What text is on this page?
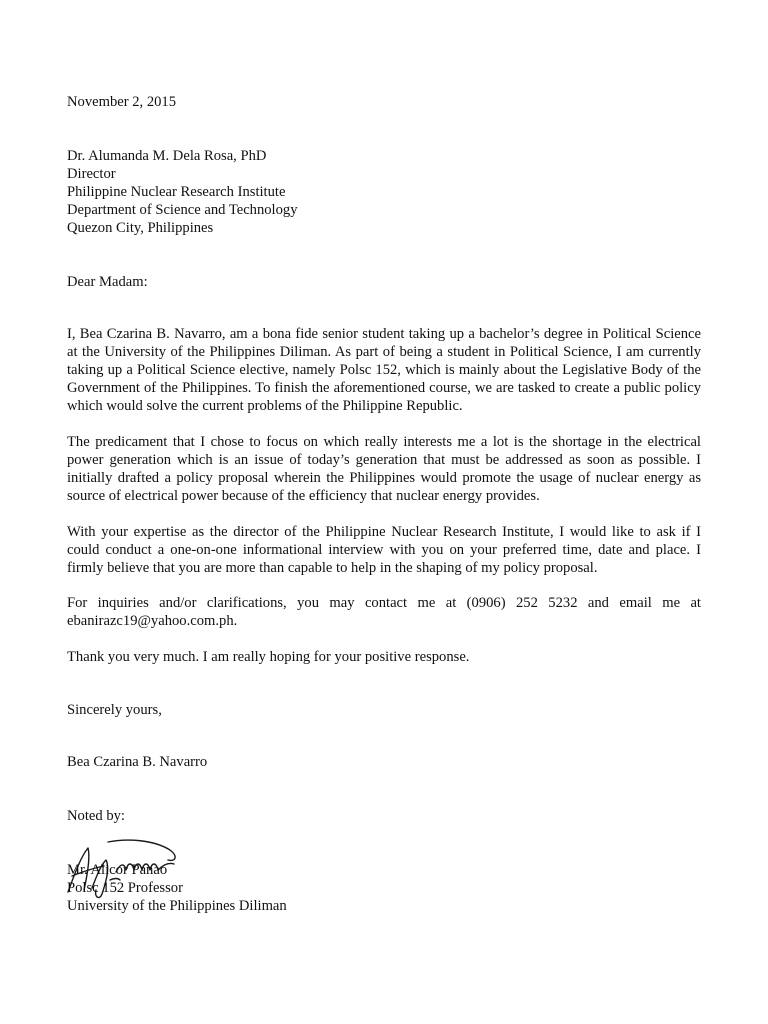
November 2, 2015
Dr. Alumanda M. Dela Rosa, PhD
Director
Philippine Nuclear Research Institute
Department of Science and Technology
Quezon City, Philippines
Dear Madam:

I, Bea Czarina B. Navarro, am a bona fide senior student taking up a bachelor’s degree in Political Science at the University of the Philippines Diliman. As part of being a student in Political Science, I am currently taking up a Political Science elective, namely Polsc 152, which is mainly about the Legislative Body of the Government of the Philippines. To finish the aforementioned course, we are tasked to create a public policy which would solve the current problems of the Philippine Republic.

The predicament that I chose to focus on which really interests me a lot is the shortage in the electrical power generation which is an issue of today’s generation that must be addressed as soon as possible. I initially drafted a policy proposal wherein the Philippines would promote the usage of nuclear energy as source of electrical power because of the efficiency that nuclear energy provides.

With your expertise as the director of the Philippine Nuclear Research Institute, I would like to ask if I could conduct a one-on-one informational interview with you on your preferred time, date and place. I firmly believe that you are more than capable to help in the shaping of my policy proposal.

For inquiries and/or clarifications, you may contact me at (0906) 252 5232 and email me at ebanirazc19@yahoo.com.ph.

Thank you very much. I am really hoping for your positive response.

Sincerely yours,
Bea Czarina B. Navarro
Noted by:
Mr. Alicor Panao
Polsc 152 Professor
University of the Philippines Diliman
